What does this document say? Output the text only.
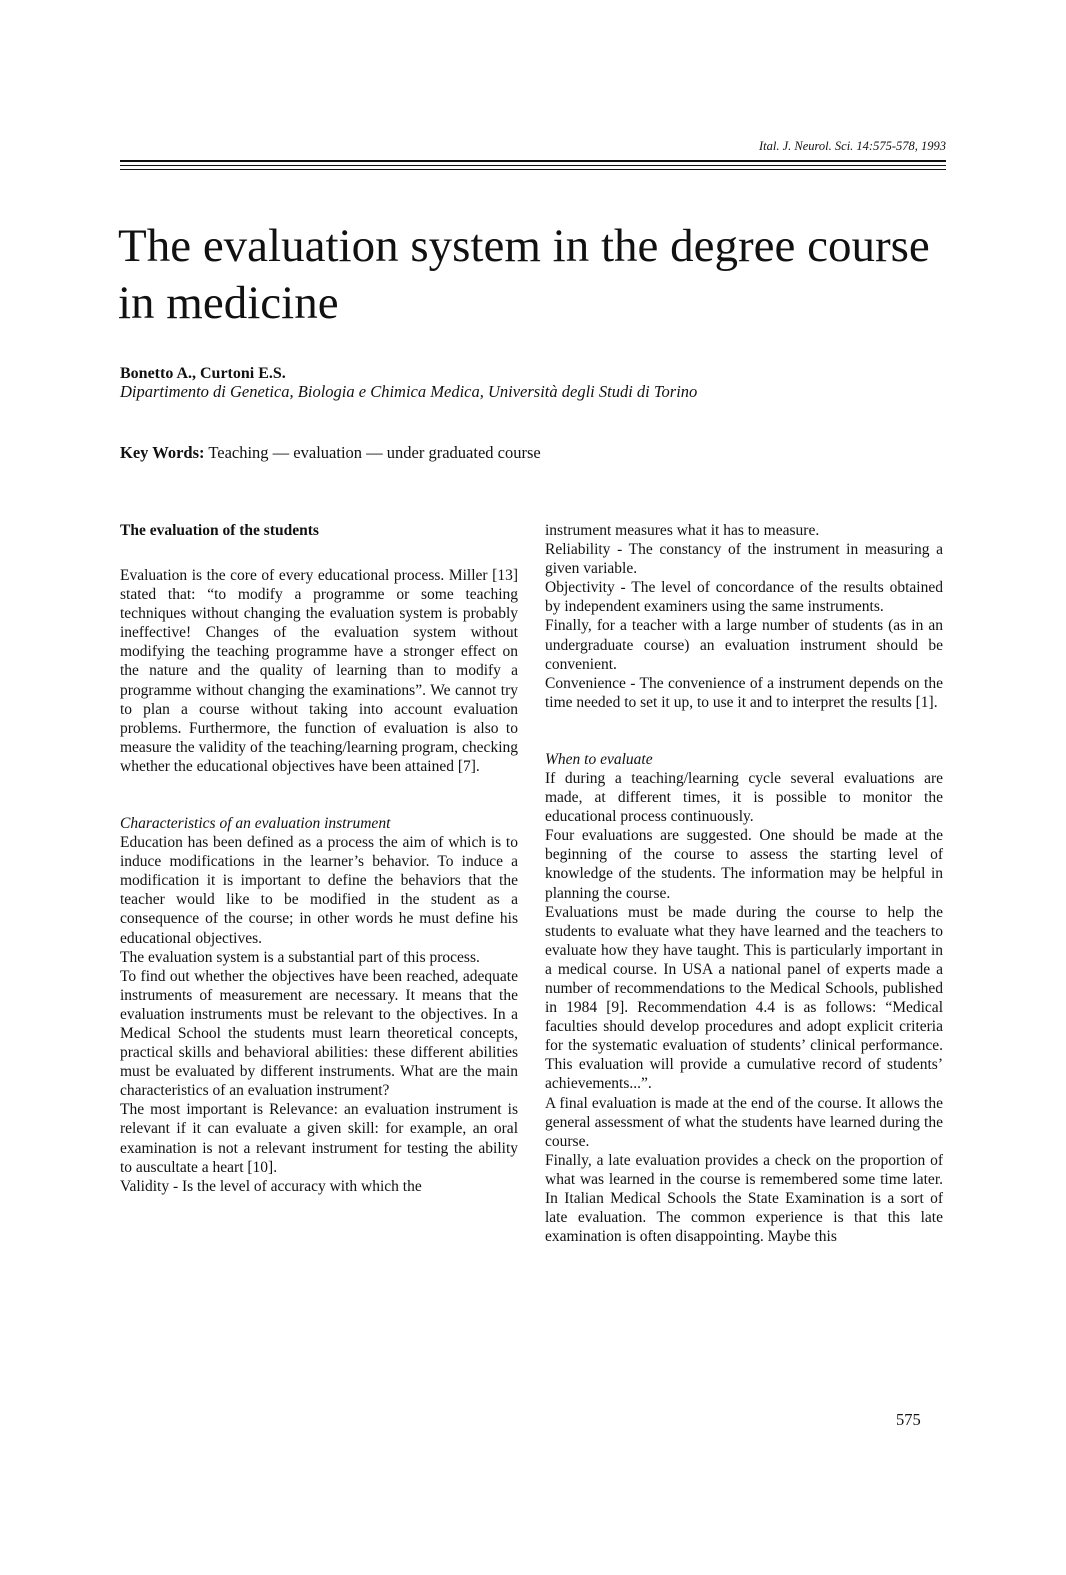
Ital. J. Neurol. Sci. 14:575-578, 1993
The evaluation system in the degree course in medicine
Bonetto A., Curtoni E.S.
Dipartimento di Genetica, Biologia e Chimica Medica, Università degli Studi di Torino
Key Words: Teaching — evaluation — under graduated course
The evaluation of the students

Evaluation is the core of every educational process. Miller [13] stated that: “to modify a programme or some teaching techniques without changing the evaluation system is probably ineffective! Changes of the evaluation system without modifying the teaching programme have a stronger effect on the nature and the quality of learning than to modify a programme without changing the examinations”. We cannot try to plan a course without taking into account evaluation problems. Furthermore, the function of evaluation is also to measure the validity of the teaching/learning program, checking whether the educational objectives have been attained [7].

Characteristics of an evaluation instrument

Education has been defined as a process the aim of which is to induce modifications in the learner’s behavior. To induce a modification it is important to define the behaviors that the teacher would like to be modified in the student as a consequence of the course; in other words he must define his educational objectives.

The evaluation system is a substantial part of this process.

To find out whether the objectives have been reached, adequate instruments of measurement are necessary. It means that the evaluation instruments must be relevant to the objectives. In a Medical School the students must learn theoretical concepts, practical skills and behavioral abilities: these different abilities must be evaluated by different instruments. What are the main characteristics of an evaluation instrument?

The most important is Relevance: an evaluation instrument is relevant if it can evaluate a given skill: for example, an oral examination is not a relevant instrument for testing the ability to auscultate a heart [10].

Validity - Is the level of accuracy with which the

instrument measures what it has to measure.

Reliability - The constancy of the instrument in measuring a given variable.

Objectivity - The level of concordance of the results obtained by independent examiners using the same instruments.

Finally, for a teacher with a large number of students (as in an undergraduate course) an evaluation instrument should be convenient.

Convenience - The convenience of a instrument depends on the time needed to set it up, to use it and to interpret the results [1].

When to evaluate

If during a teaching/learning cycle several evaluations are made, at different times, it is possible to monitor the educational process continuously.

Four evaluations are suggested. One should be made at the beginning of the course to assess the starting level of knowledge of the students. The information may be helpful in planning the course.

Evaluations must be made during the course to help the students to evaluate what they have learned and the teachers to evaluate how they have taught. This is particularly important in a medical course. In USA a national panel of experts made a number of recommendations to the Medical Schools, published in 1984 [9]. Recommendation 4.4 is as follows: “Medical faculties should develop procedures and adopt explicit criteria for the systematic evaluation of students’ clinical performance. This evaluation will provide a cumulative record of students’ achievements...”.

A final evaluation is made at the end of the course. It allows the general assessment of what the students have learned during the course.

Finally, a late evaluation provides a check on the proportion of what was learned in the course is remembered some time later. In Italian Medical Schools the State Examination is a sort of late evaluation. The common experience is that this late examination is often disappointing. Maybe this

575
